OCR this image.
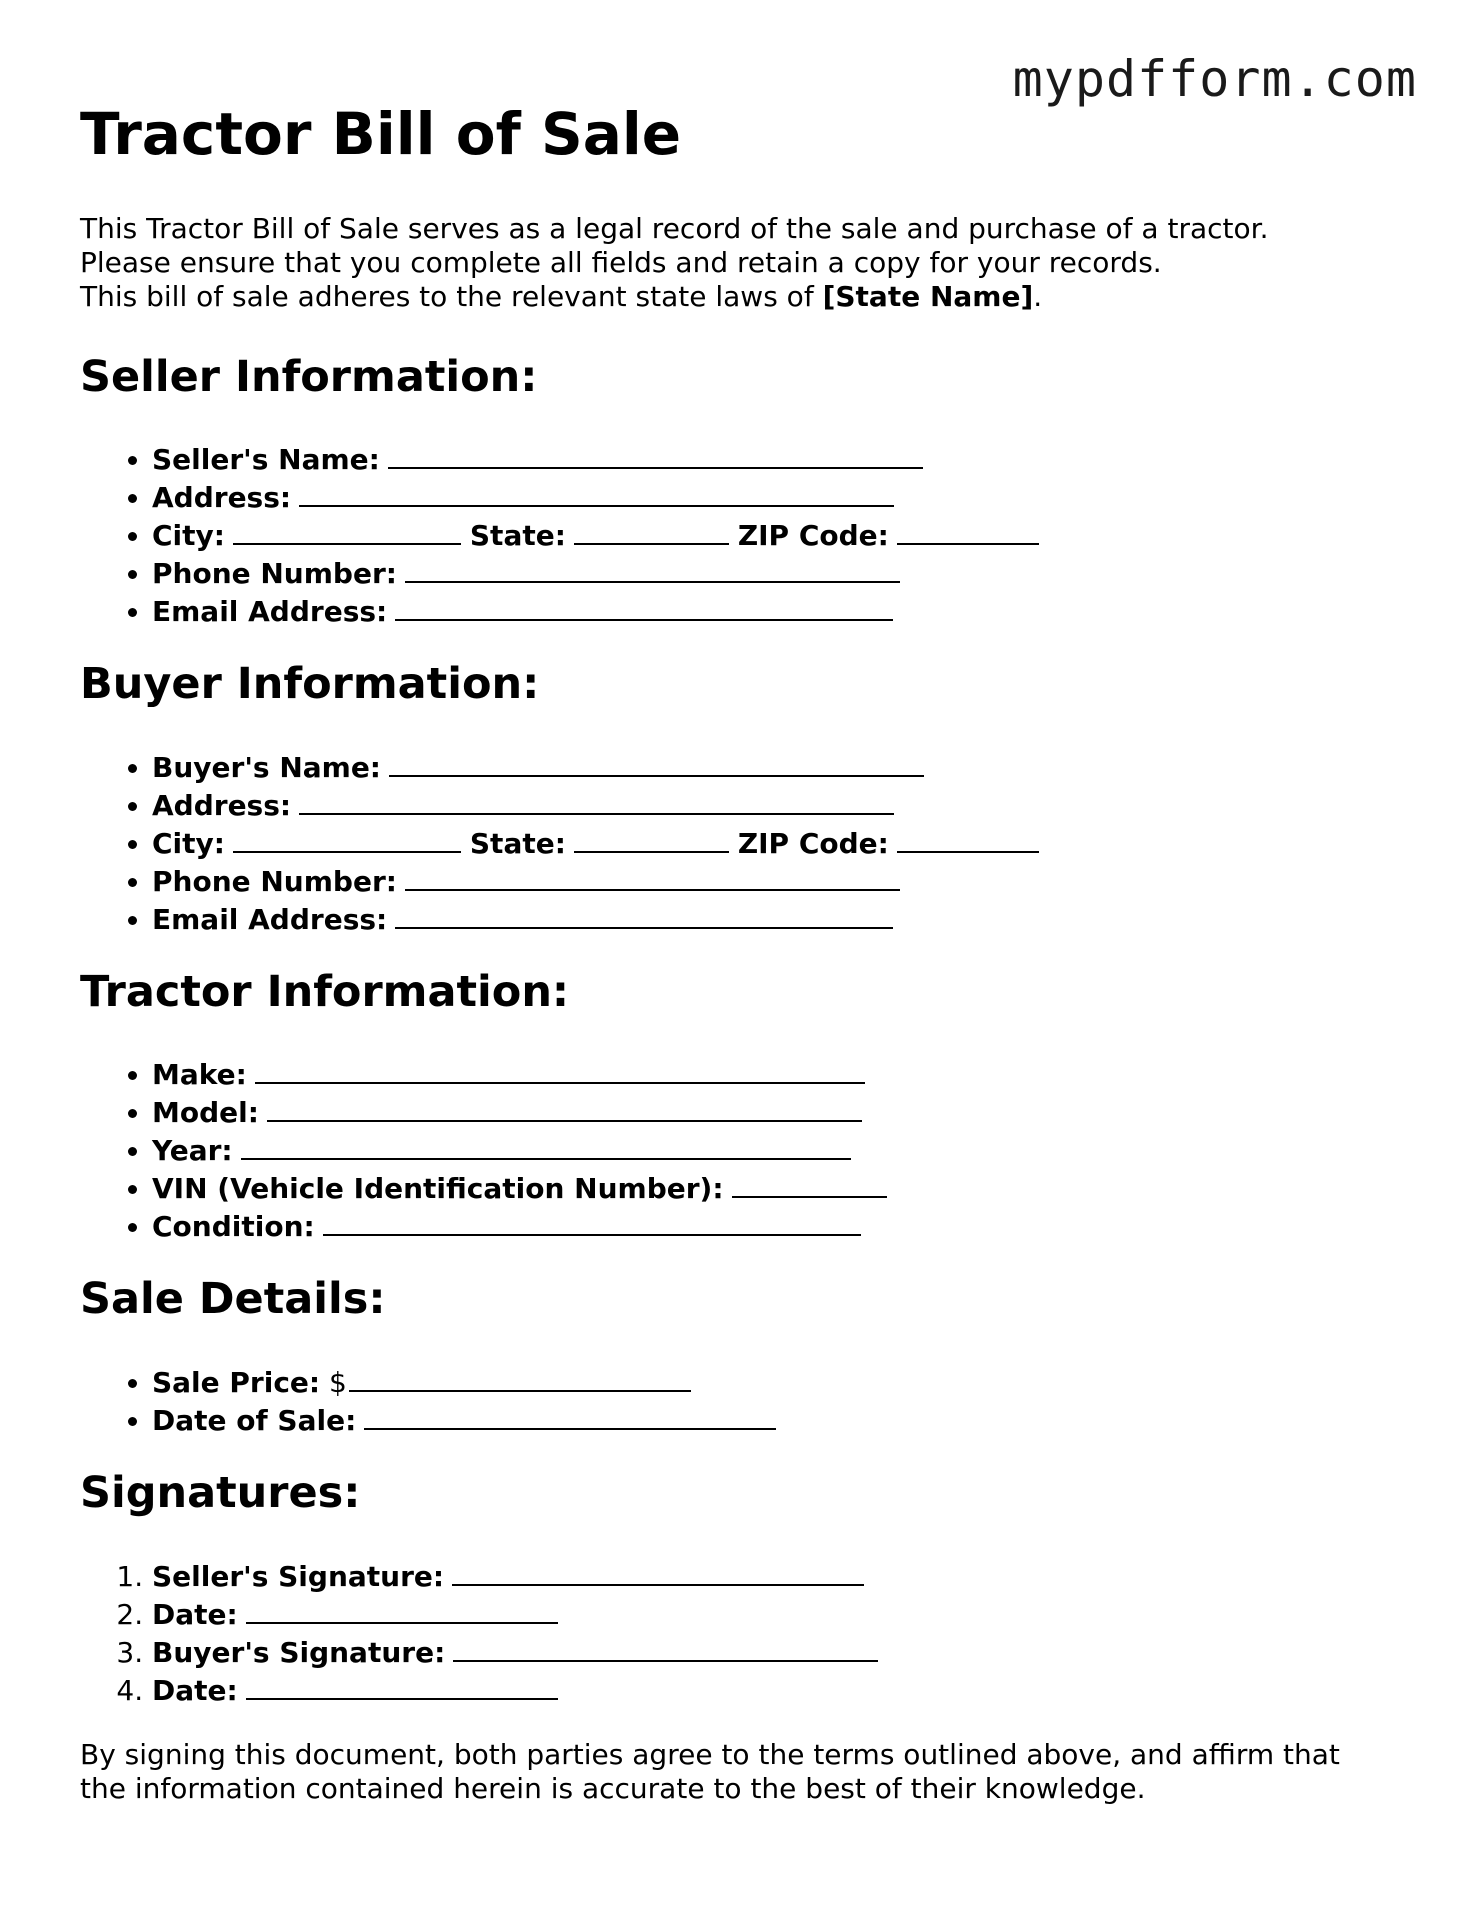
mypdfform.com
Tractor Bill of Sale

This Tractor Bill of Sale serves as a legal record of the sale and purchase of a tractor.
Please ensure that you complete all fields and retain a copy for your records.
This bill of sale adheres to the relevant state laws of [State Name].

Seller Information:
• Seller's Name:
• Address:
• City:	State:	ZIP Code:
• Phone Number:
• Email Address:
Buyer Information:
• Buyer's Name:
• Address:
• City:	State:	ZIP Code:
• Phone Number:
• Email Address:
Tractor Information:
• Make:
• Model:
• Year:
• VIN (Vehicle Identification Number):
• Condition:
Sale Details:
• Sale Price: $
• Date of Sale:
Signatures:
1. Seller's Signature:
2. Date:
3. Buyer's Signature:
4. Date:

By signing this document, both parties agree to the terms outlined above, and affirm that
the information contained herein is accurate to the best of their knowledge.
